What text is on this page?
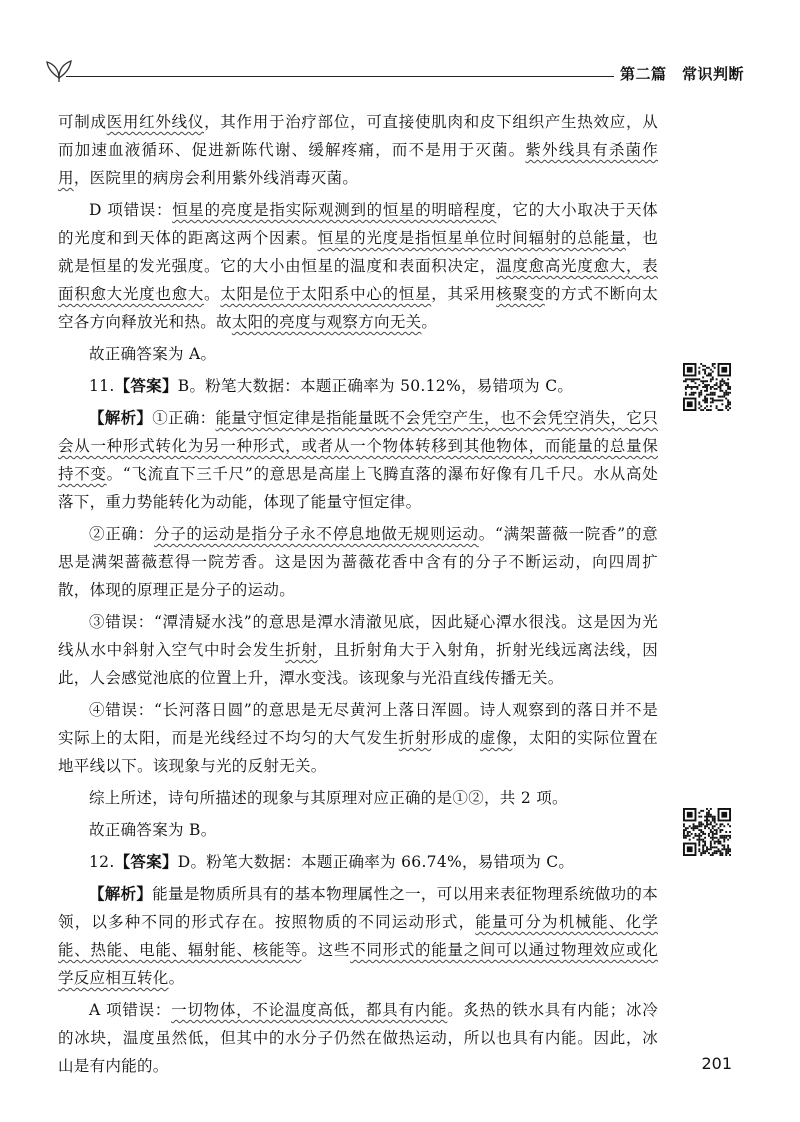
第二篇　常识判断

可制成医用红外线仪，其作用于治疗部位，可直接使肌肉和皮下组织产生热效应，从而加速血液循环、促进新陈代谢、缓解疼痛，而不是用于灭菌。紫外线具有杀菌作用，医院里的病房会利用紫外线消毒灭菌。

D 项错误：恒星的亮度是指实际观测到的恒星的明暗程度，它的大小取决于天体的光度和到天体的距离这两个因素。恒星的光度是指恒星单位时间辐射的总能量，也就是恒星的发光强度。它的大小由恒星的温度和表面积决定，温度愈高光度愈大，表面积愈大光度也愈大。太阳是位于太阳系中心的恒星，其采用核聚变的方式不断向太空各方向释放光和热。故太阳的亮度与观察方向无关。

故正确答案为 A。

11.【答案】B。粉笔大数据：本题正确率为 50.12%，易错项为 C。

【解析】①正确：能量守恒定律是指能量既不会凭空产生，也不会凭空消失，它只会从一种形式转化为另一种形式，或者从一个物体转移到其他物体，而能量的总量保持不变。“飞流直下三千尺”的意思是高崖上飞腾直落的瀑布好像有几千尺。水从高处落下，重力势能转化为动能，体现了能量守恒定律。

②正确：分子的运动是指分子永不停息地做无规则运动。“满架蔷薇一院香”的意思是满架蔷薇惹得一院芳香。这是因为蔷薇花香中含有的分子不断运动，向四周扩散，体现的原理正是分子的运动。

③错误：“潭清疑水浅”的意思是潭水清澈见底，因此疑心潭水很浅。这是因为光线从水中斜射入空气中时会发生折射，且折射角大于入射角，折射光线远离法线，因此，人会感觉池底的位置上升，潭水变浅。该现象与光沿直线传播无关。

④错误：“长河落日圆”的意思是无尽黄河上落日浑圆。诗人观察到的落日并不是实际上的太阳，而是光线经过不均匀的大气发生折射形成的虚像，太阳的实际位置在地平线以下。该现象与光的反射无关。

综上所述，诗句所描述的现象与其原理对应正确的是①②，共 2 项。

故正确答案为 B。

12.【答案】D。粉笔大数据：本题正确率为 66.74%，易错项为 C。

【解析】能量是物质所具有的基本物理属性之一，可以用来表征物理系统做功的本领，以多种不同的形式存在。按照物质的不同运动形式，能量可分为机械能、化学能、热能、电能、辐射能、核能等。这些不同形式的能量之间可以通过物理效应或化学反应相互转化。

A 项错误：一切物体，不论温度高低，都具有内能。炙热的铁水具有内能；冰冷的冰块，温度虽然低，但其中的水分子仍然在做热运动，所以也具有内能。因此，冰山是有内能的。	201
